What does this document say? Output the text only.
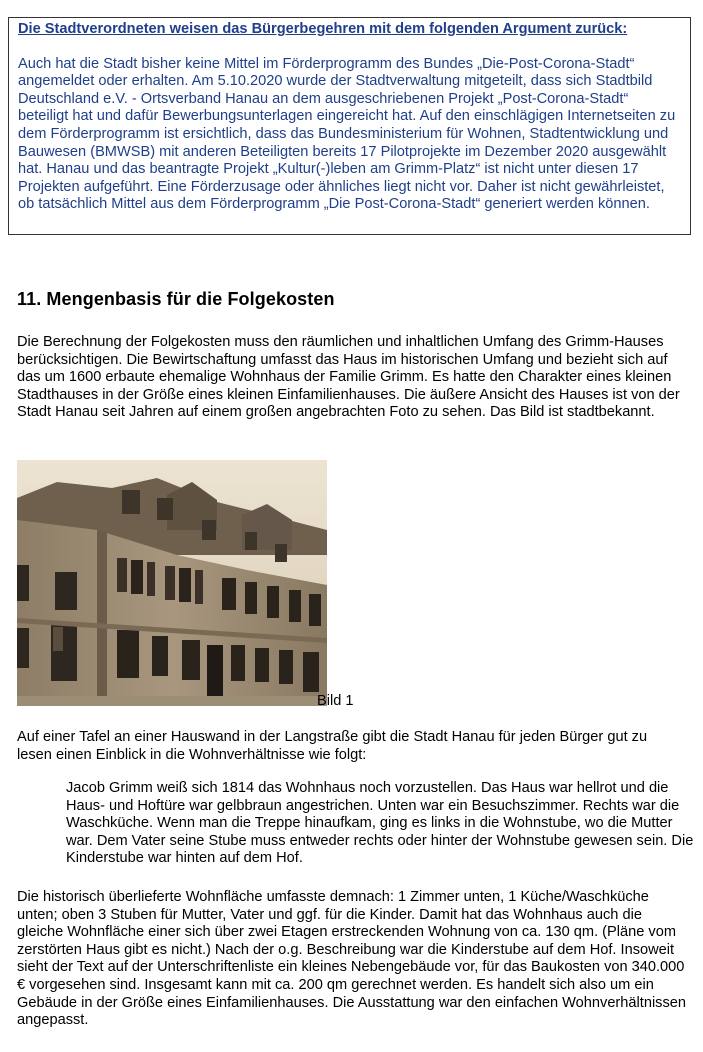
Die Stadtverordneten weisen das Bürgerbegehren mit dem folgenden Argument zurück:

Auch hat die Stadt bisher keine Mittel im Förderprogramm des Bundes „Die-Post-Corona-Stadt“ angemeldet oder erhalten. Am 5.10.2020 wurde der Stadtverwaltung mitgeteilt, dass sich Stadtbild Deutschland e.V. - Ortsverband Hanau an dem ausgeschriebenen Projekt „Post-Corona-Stadt“ beteiligt hat und dafür Bewerbungsunterlagen eingereicht hat. Auf den einschlägigen Internetseiten zu dem Förderprogramm ist ersichtlich, dass das Bundesministerium für Wohnen, Stadtentwicklung und Bauwesen (BMWSB) mit anderen Beteiligten bereits 17 Pilotprojekte im Dezember 2020 ausgewählt hat. Hanau und das beantragte Projekt „Kultur(-)leben am Grimm-Platz“ ist nicht unter diesen 17 Projekten aufgeführt. Eine Förderzusage oder ähnliches liegt nicht vor. Daher ist nicht gewährleistet, ob tatsächlich Mittel aus dem Förderprogramm „Die Post-Corona-Stadt“ generiert werden können.

11. Mengenbasis für die Folgekosten

Die Berechnung der Folgekosten muss den räumlichen und inhaltlichen Umfang des Grimm-Hauses berücksichtigen. Die Bewirtschaftung umfasst das Haus im historischen Umfang und bezieht sich auf das um 1600 erbaute ehemalige Wohnhaus der Familie Grimm. Es hatte den Charakter eines kleinen Stadthauses in der Größe eines kleinen Einfamilienhauses. Die äußere Ansicht des Hauses ist von der Stadt Hanau seit Jahren auf einem großen angebrachten Foto zu sehen. Das Bild ist stadtbekannt.

Bild 1

Auf einer Tafel an einer Hauswand in der Langstraße gibt die Stadt Hanau für jeden Bürger gut zu lesen einen Einblick in die Wohnverhältnisse wie folgt:

Jacob Grimm weiß sich 1814 das Wohnhaus noch vorzustellen. Das Haus war hellrot und die Haus- und Hoftüre war gelbbraun angestrichen. Unten war ein Besuchszimmer. Rechts war die Waschküche. Wenn man die Treppe hinaufkam, ging es links in die Wohnstube, wo die Mutter war. Dem Vater seine Stube muss entweder rechts oder hinter der Wohnstube gewesen sein. Die Kinderstube war hinten auf dem Hof.

Die historisch überlieferte Wohnfläche umfasste demnach: 1 Zimmer unten, 1 Küche/Waschküche unten; oben 3 Stuben für Mutter, Vater und ggf. für die Kinder. Damit hat das Wohnhaus auch die gleiche Wohnfläche einer sich über zwei Etagen erstreckenden Wohnung von ca. 130 qm. (Pläne vom zerstörten Haus gibt es nicht.) Nach der o.g. Beschreibung war die Kinderstube auf dem Hof. Insoweit sieht der Text auf der Unterschriftenliste ein kleines Nebengebäude vor, für das Baukosten von 340.000 € vorgesehen sind. Insgesamt kann mit ca. 200 qm gerechnet werden. Es handelt sich also um ein Gebäude in der Größe eines Einfamilienhauses. Die Ausstattung war den einfachen Wohnverhältnissen angepasst.
